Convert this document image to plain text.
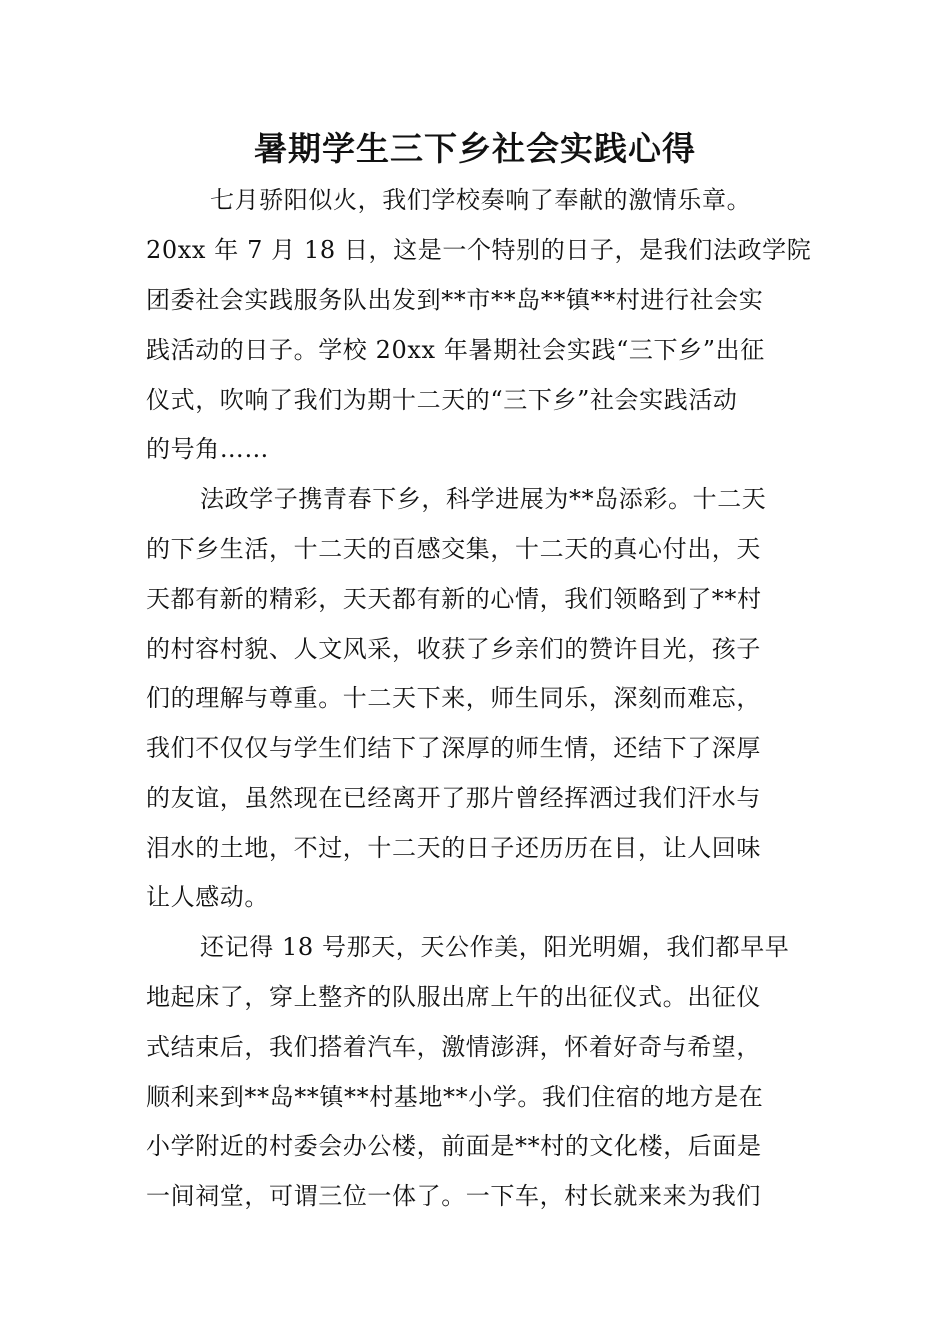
暑期学生三下乡社会实践心得
七月骄阳似火，我们学校奏响了奉献的激情乐章。
20xx 年 7 月 18 日，这是一个特别的日子，是我们法政学院
团委社会实践服务队出发到**市**岛**镇**村进行社会实
践活动的日子。学校 20xx 年暑期社会实践“三下乡”出征
仪式，吹响了我们为期十二天的“三下乡”社会实践活动
的号角……
法政学子携青春下乡，科学进展为**岛添彩。十二天
的下乡生活，十二天的百感交集，十二天的真心付出，天
天都有新的精彩，天天都有新的心情，我们领略到了**村
的村容村貌、人文风采，收获了乡亲们的赞许目光，孩子
们的理解与尊重。十二天下来，师生同乐，深刻而难忘，
我们不仅仅与学生们结下了深厚的师生情，还结下了深厚
的友谊，虽然现在已经离开了那片曾经挥洒过我们汗水与
泪水的土地，不过，十二天的日子还历历在目，让人回味
让人感动。
还记得 18 号那天，天公作美，阳光明媚，我们都早早
地起床了，穿上整齐的队服出席上午的出征仪式。出征仪
式结束后，我们搭着汽车，激情澎湃，怀着好奇与希望，
顺利来到**岛**镇**村基地**小学。我们住宿的地方是在
小学附近的村委会办公楼，前面是**村的文化楼，后面是
一间祠堂，可谓三位一体了。一下车，村长就来来为我们
